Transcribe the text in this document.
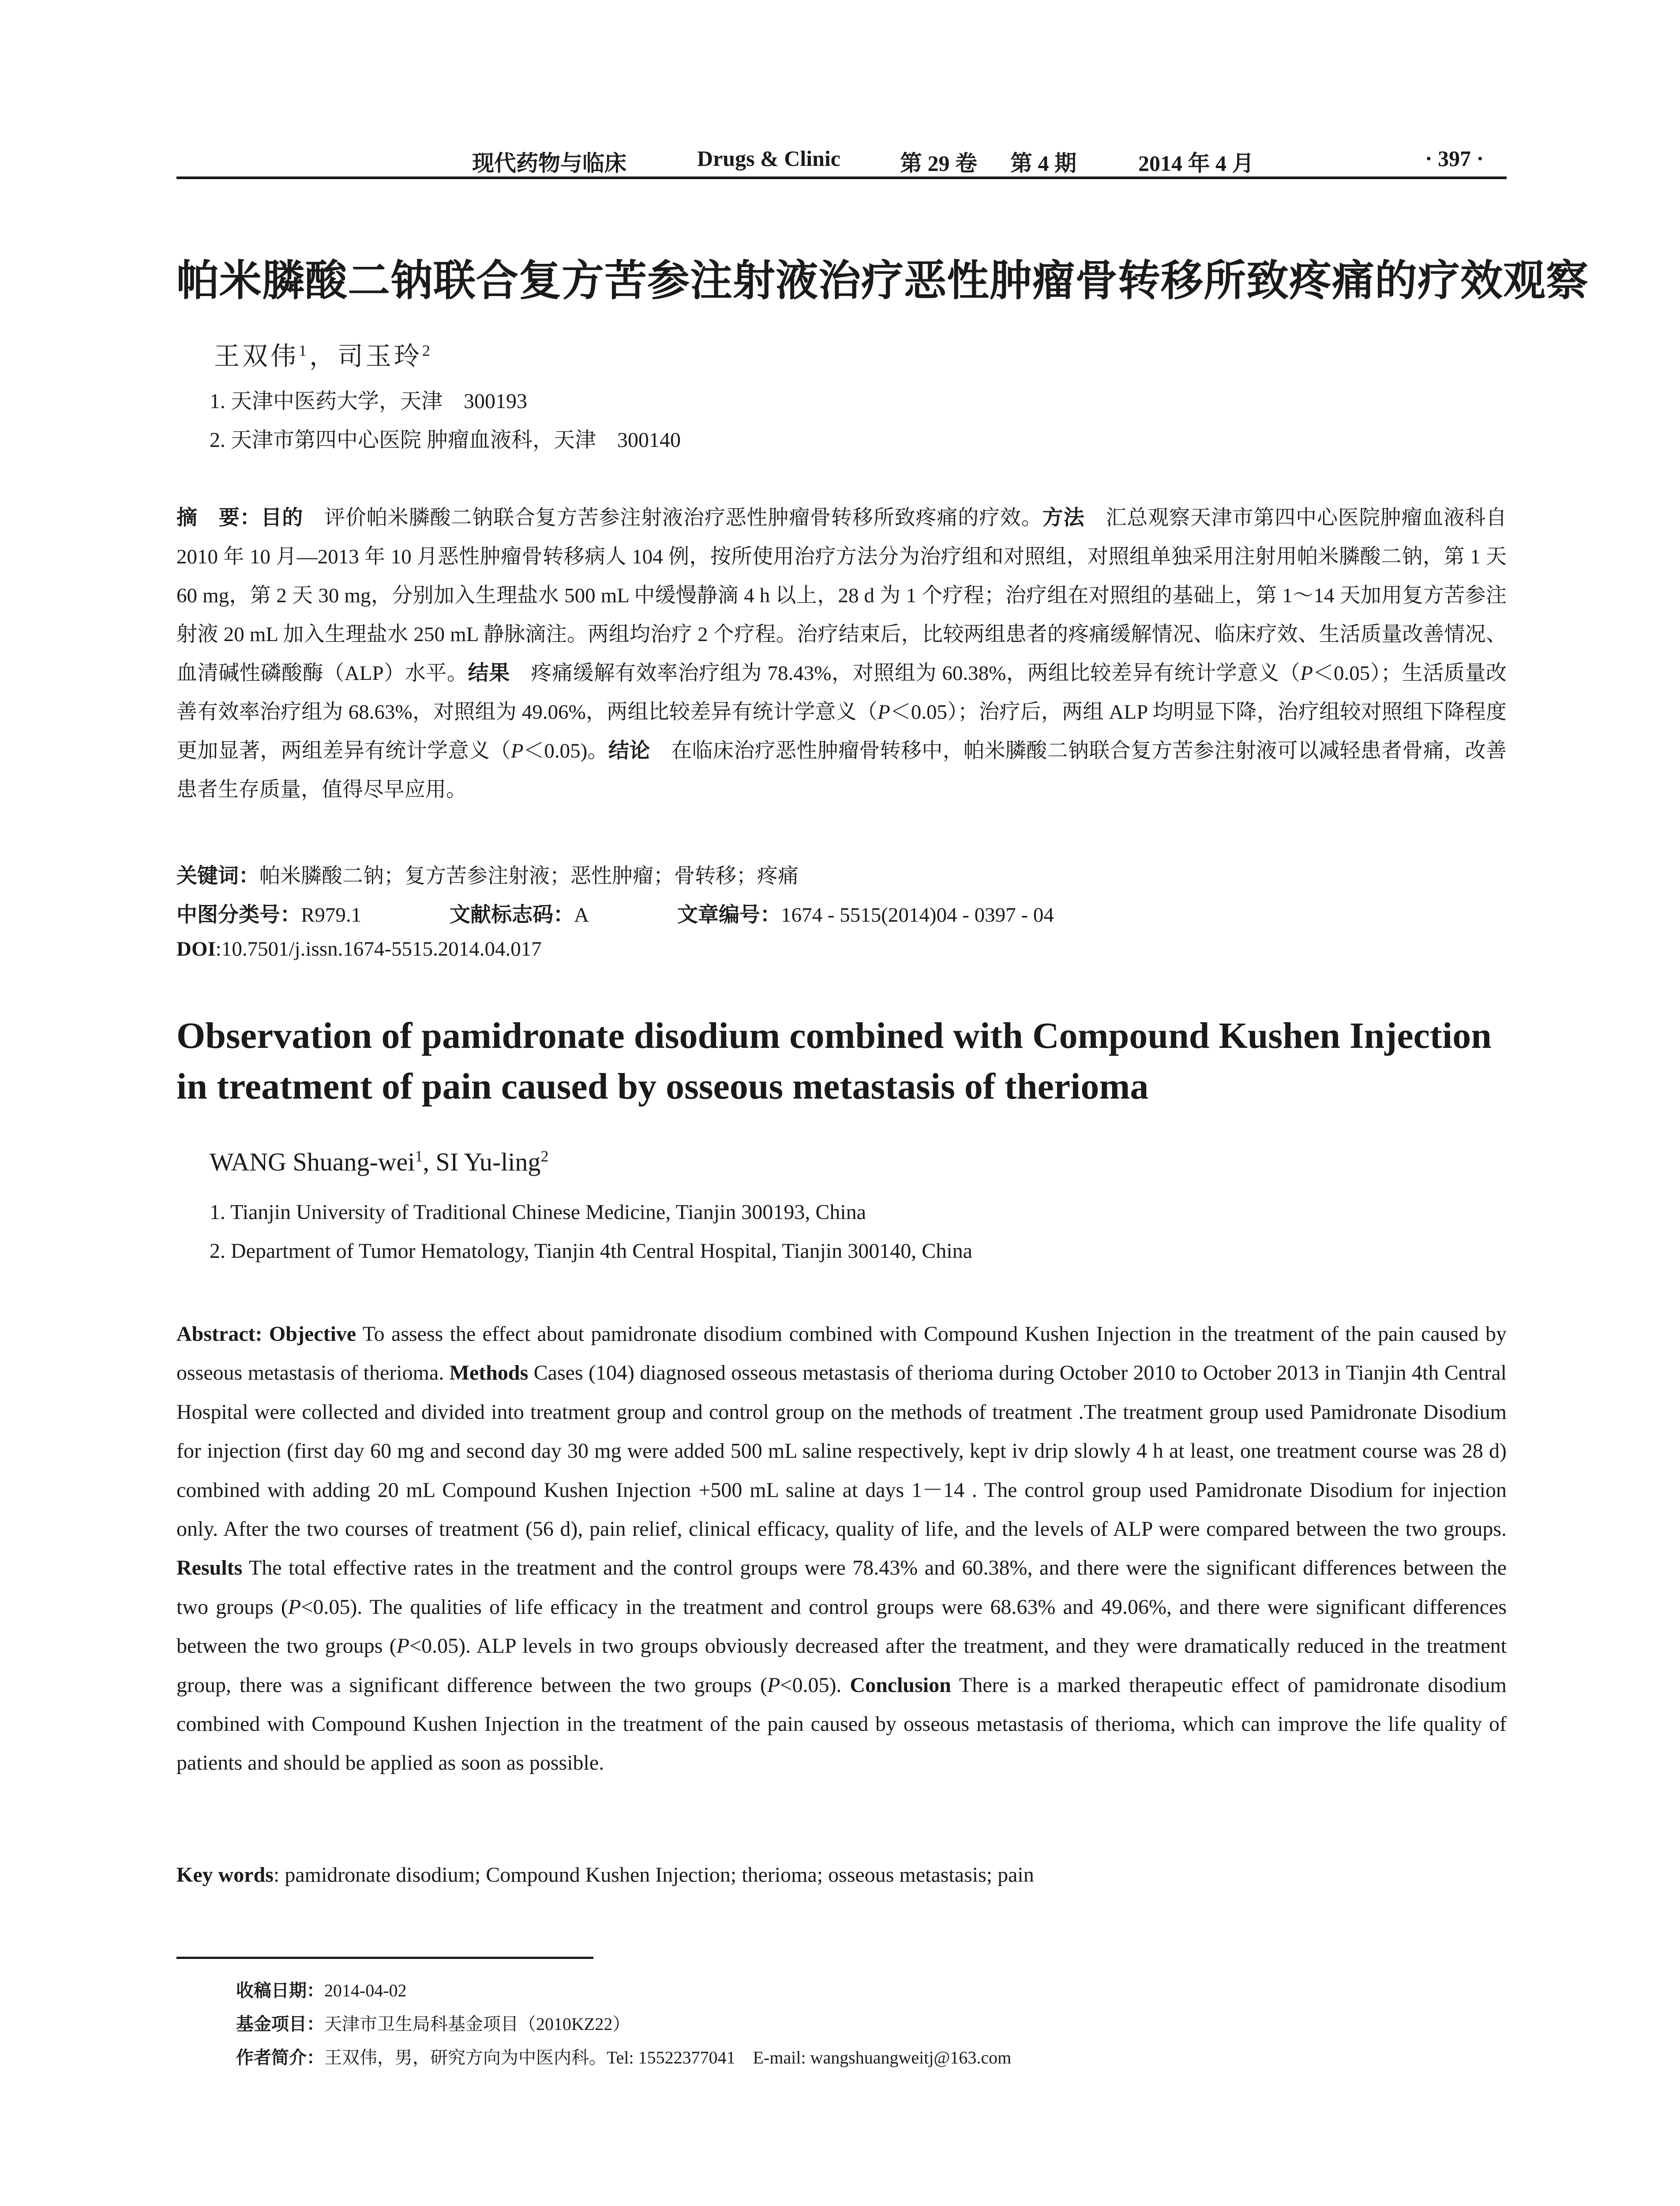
现代药物与临床	Drugs & Clinic	第 29 卷 第 4 期	2014 年 4 月	· 397 ·
帕米膦酸二钠联合复方苦参注射液治疗恶性肿瘤骨转移所致疼痛的疗效观察
王双伟$^1$，司玉玲$^2$
1. 天津中医药大学，天津　300193
2. 天津市第四中心医院 肿瘤血液科，天津　300140
摘　要：目的　评价帕米膦酸二钠联合复方苦参注射液治疗恶性肿瘤骨转移所致疼痛的疗效。方法　汇总观察天津市第四中心医院肿瘤血液科自 2010 年 10 月—2013 年 10 月恶性肿瘤骨转移病人 104 例，按所使用治疗方法分为治疗组和对照组，对照组单独采用注射用帕米膦酸二钠，第 1 天 60 mg，第 2 天 30 mg，分别加入生理盐水 500 mL 中缓慢静滴 4 h 以上，28 d 为 1 个疗程；治疗组在对照组的基础上，第 1～14 天加用复方苦参注射液 20 mL 加入生理盐水 250 mL 静脉滴注。两组均治疗 2 个疗程。治疗结束后，比较两组患者的疼痛缓解情况、临床疗效、生活质量改善情况、血清碱性磷酸酶（ALP）水平。结果　疼痛缓解有效率治疗组为 78.43%，对照组为 60.38%，两组比较差异有统计学意义（P＜0.05）；生活质量改善有效率治疗组为 68.63%，对照组为 49.06%，两组比较差异有统计学意义（P＜0.05）；治疗后，两组 ALP 均明显下降，治疗组较对照组下降程度更加显著，两组差异有统计学意义（P＜0.05)。结论　在临床治疗恶性肿瘤骨转移中，帕米膦酸二钠联合复方苦参注射液可以减轻患者骨痛，改善患者生存质量，值得尽早应用。
关键词：帕米膦酸二钠；复方苦参注射液；恶性肿瘤；骨转移；疼痛
中图分类号：R979.1	文献标志码：A	文章编号：1674 - 5515(2014)04 - 0397 - 04
DOI:10.7501/j.issn.1674-5515.2014.04.017
Observation of pamidronate disodium combined with Compound Kushen Injection in treatment of pain caused by osseous metastasis of therioma
WANG Shuang-wei$^1$, SI Yu-ling$^2$
1. Tianjin University of Traditional Chinese Medicine, Tianjin 300193, China
2. Department of Tumor Hematology, Tianjin 4th Central Hospital, Tianjin 300140, China
Abstract: Objective To assess the effect about pamidronate disodium combined with Compound Kushen Injection in the treatment of the pain caused by osseous metastasis of therioma. Methods Cases (104) diagnosed osseous metastasis of therioma during October 2010 to October 2013 in Tianjin 4th Central Hospital were collected and divided into treatment group and control group on the methods of treatment .The treatment group used Pamidronate Disodium for injection (first day 60 mg and second day 30 mg were added 500 mL saline respectively, kept iv drip slowly 4 h at least, one treatment course was 28 d) combined with adding 20 mL Compound Kushen Injection +500 mL saline at days 1－14 . The control group used Pamidronate Disodium for injection only. After the two courses of treatment (56 d), pain relief, clinical efficacy, quality of life, and the levels of ALP were compared between the two groups. Results The total effective rates in the treatment and the control groups were 78.43% and 60.38%, and there were the significant differences between the two groups (P<0.05). The qualities of life efficacy in the treatment and control groups were 68.63% and 49.06%, and there were significant differences between the two groups (P<0.05). ALP levels in two groups obviously decreased after the treatment, and they were dramatically reduced in the treatment group, there was a significant difference between the two groups (P<0.05). Conclusion There is a marked therapeutic effect of pamidronate disodium combined with Compound Kushen Injection in the treatment of the pain caused by osseous metastasis of therioma, which can improve the life quality of patients and should be applied as soon as possible.
Key words: pamidronate disodium; Compound Kushen Injection; therioma; osseous metastasis; pain
收稿日期：2014-04-02
基金项目：天津市卫生局科基金项目（2010KZ22）
作者简介：王双伟，男，研究方向为中医内科。Tel: 15522377041　E-mail: wangshuangweitj@163.com
